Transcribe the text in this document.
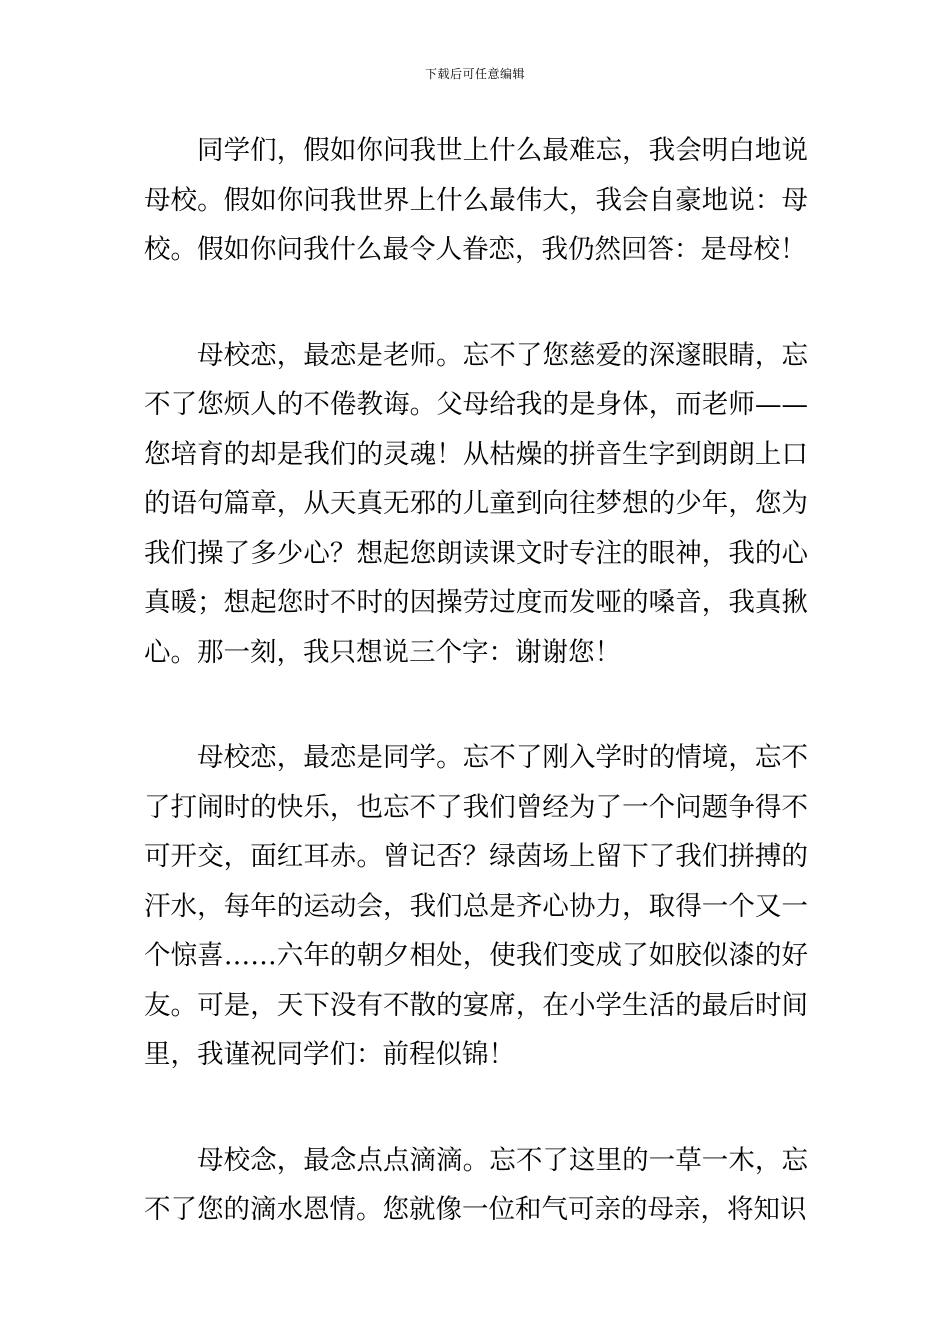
下载后可任意编辑

同学们，假如你问我世上什么最难忘，我会明白地说母校。假如你问我世界上什么最伟大，我会自豪地说：母校。假如你问我什么最令人眷恋，我仍然回答：是母校！

母校恋，最恋是老师。忘不了您慈爱的深邃眼睛，忘不了您烦人的不倦教诲。父母给我的是身体，而老师——您培育的却是我们的灵魂！从枯燥的拼音生字到朗朗上口的语句篇章，从天真无邪的儿童到向往梦想的少年，您为我们操了多少心？想起您朗读课文时专注的眼神，我的心真暖；想起您时不时的因操劳过度而发哑的嗓音，我真揪心。那一刻，我只想说三个字：谢谢您！

母校恋，最恋是同学。忘不了刚入学时的情境，忘不了打闹时的快乐，也忘不了我们曾经为了一个问题争得不可开交，面红耳赤。曾记否？绿茵场上留下了我们拼搏的汗水，每年的运动会，我们总是齐心协力，取得一个又一个惊喜……六年的朝夕相处，使我们变成了如胶似漆的好友。可是，天下没有不散的宴席，在小学生活的最后时间里，我谨祝同学们：前程似锦！

母校念，最念点点滴滴。忘不了这里的一草一木，忘不了您的滴水恩情。您就像一位和气可亲的母亲，将知识
